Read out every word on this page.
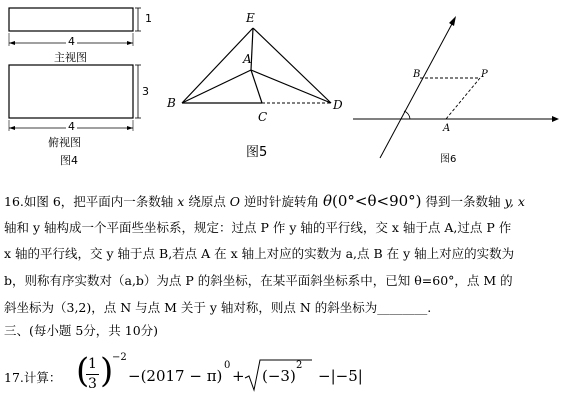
1
4
主视图
3
4
俯视图
图4
E
A
B
C
D
图5
B	P
A
图6
16.如图 6，把平面内一条数轴 x 绕原点 O 逆时针旋转角 θ(0°<θ<90°) 得到一条数轴 y, x
轴和 y 轴构成一个平面些坐标系，规定：过点 P 作 y 轴的平行线，交 x 轴于点 A,过点 P 作
x 轴的平行线，交 y 轴于点 B,若点 A 在 x 轴上对应的实数为 a,点 B 在 y 轴上对应的实数为
b，则称有序实数对（a,b）为点 P 的斜坐标，在某平面斜坐标系中，已知 θ=60°，点 M 的
斜坐标为（3,2)，点 N 与点 M 关于 y 轴对称，则点 N 的斜坐标为________.
三、(每小题 5分，共 10分)
17.计算： (
1
3 )
−2
−(2017 − π)
0
+ (−3)
2
−|−5|
